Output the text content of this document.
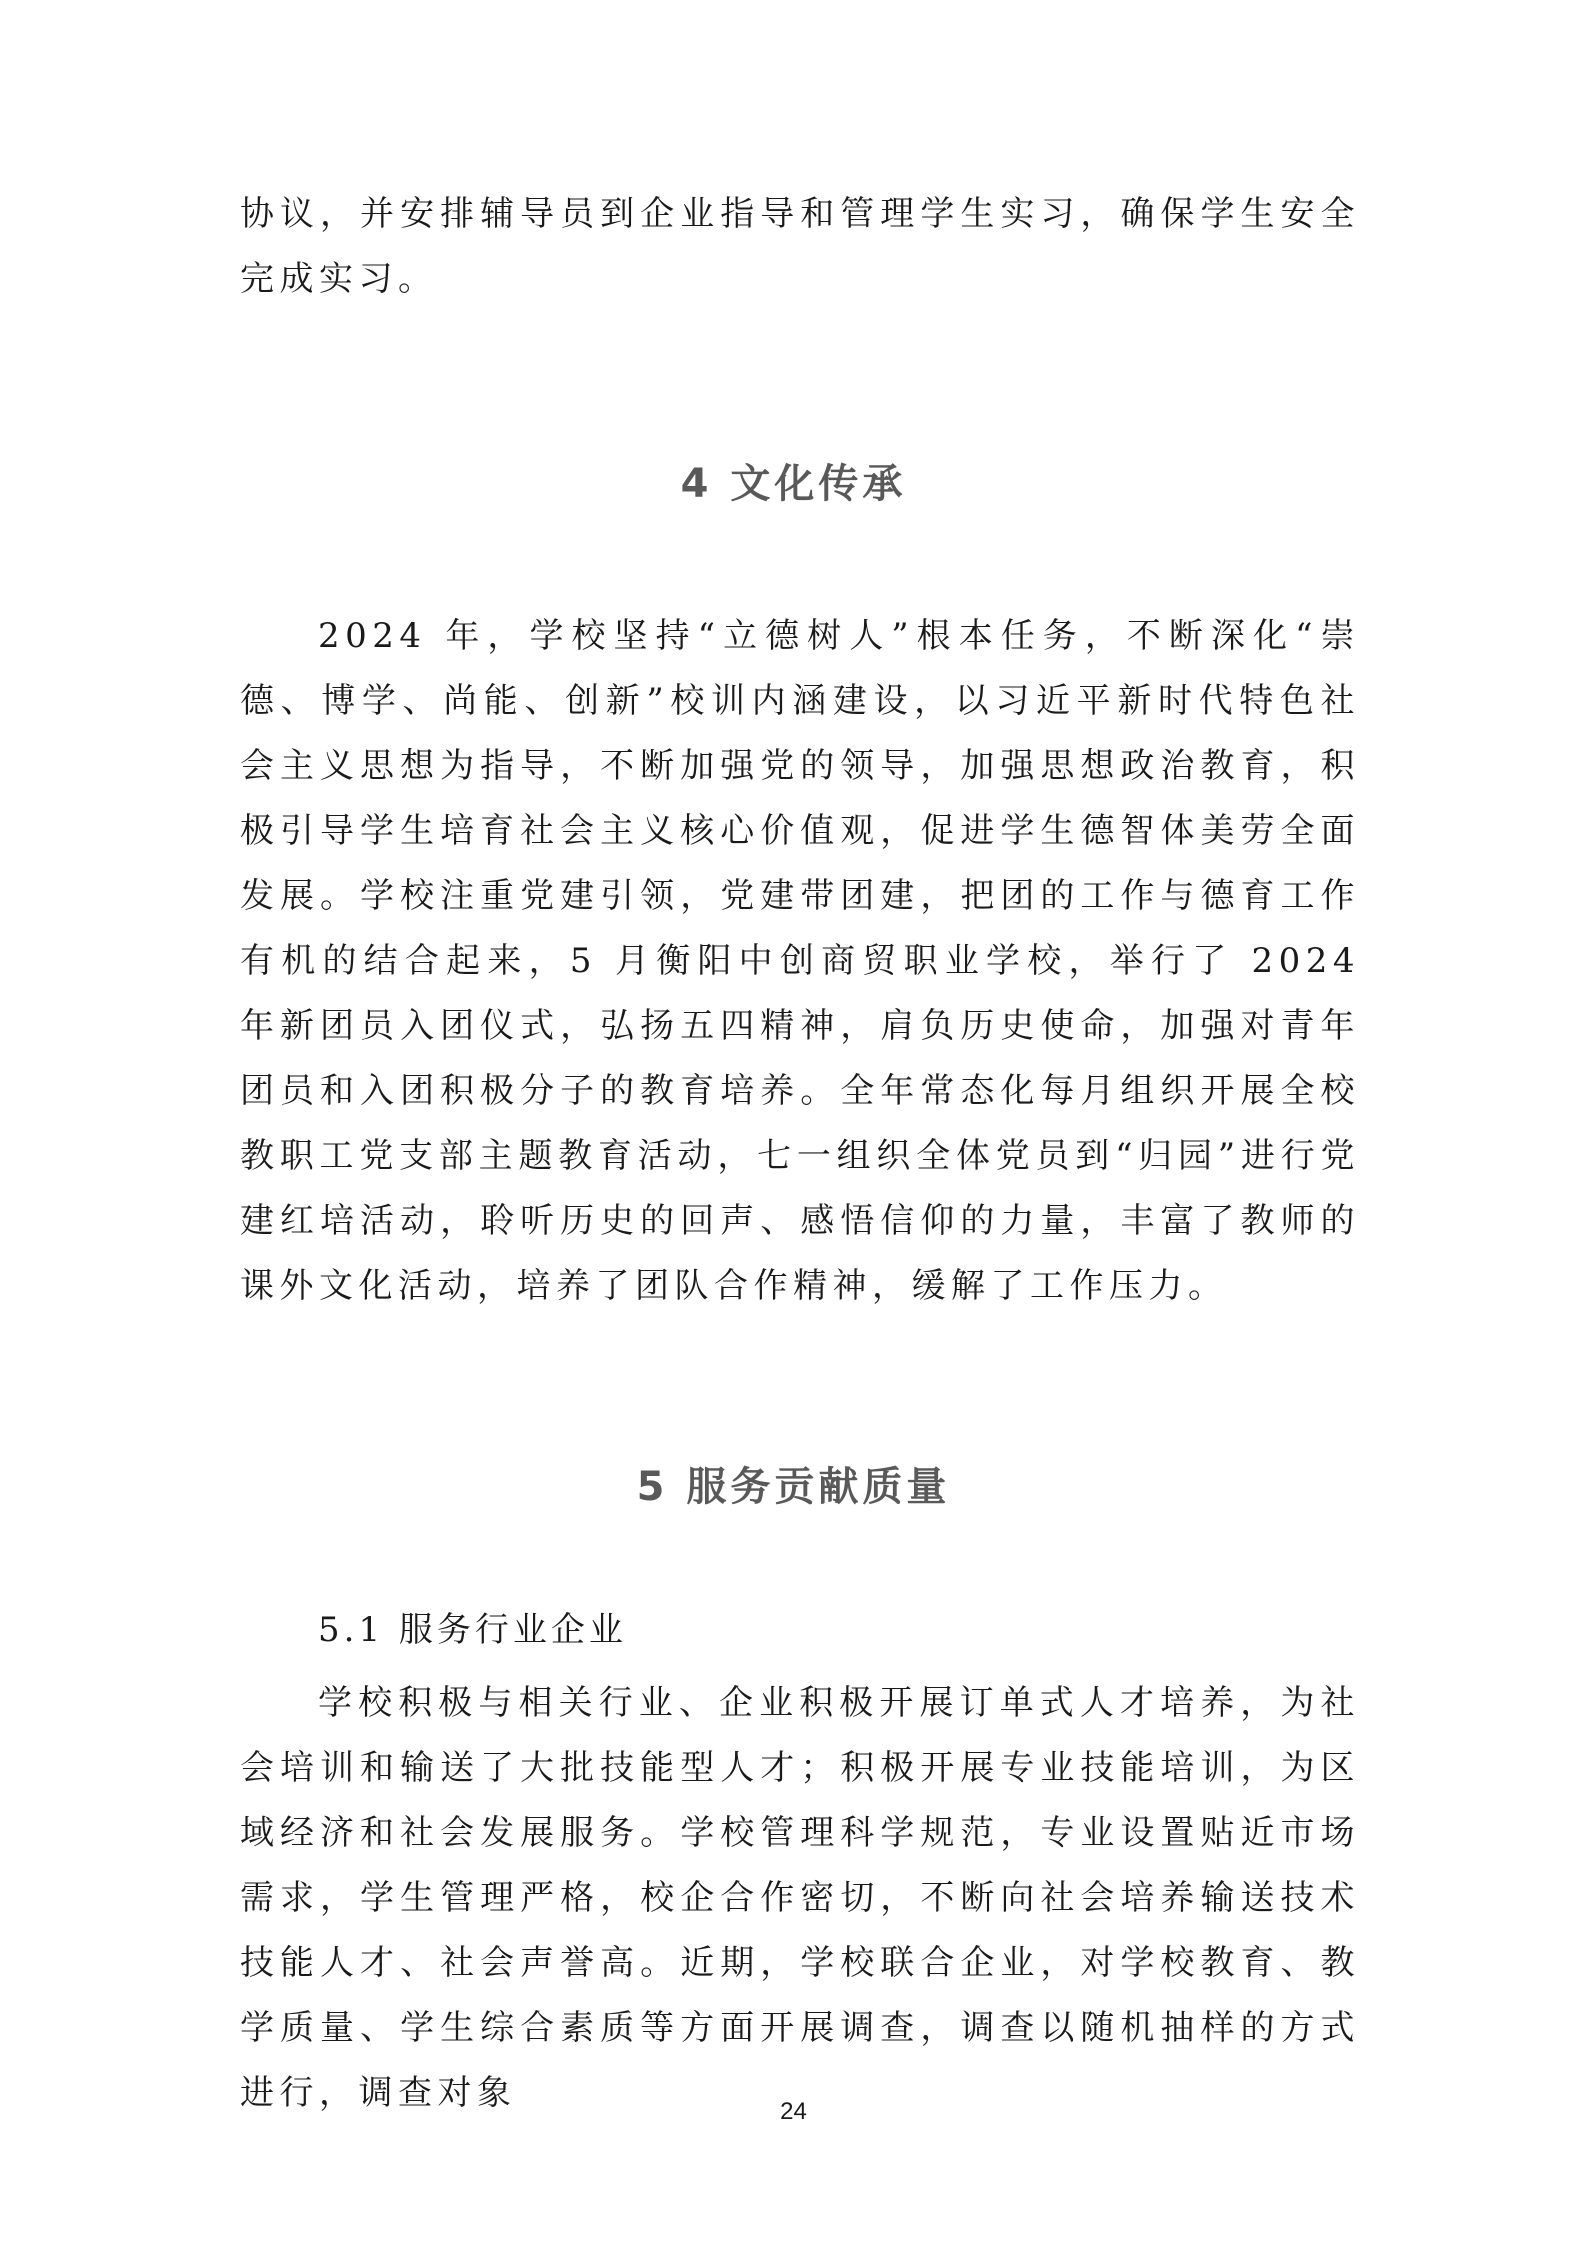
协议，并安排辅导员到企业指导和管理学生实习，确保学生安全完成实习。

4 文化传承

2024 年，学校坚持“立德树人”根本任务，不断深化“崇德、博学、尚能、创新”校训内涵建设，以习近平新时代特色社会主义思想为指导，不断加强党的领导，加强思想政治教育，积极引导学生培育社会主义核心价值观，促进学生德智体美劳全面发展。学校注重党建引领，党建带团建，把团的工作与德育工作有机的结合起来，5 月衡阳中创商贸职业学校，举行了 2024 年新团员入团仪式，弘扬五四精神，肩负历史使命，加强对青年团员和入团积极分子的教育培养。全年常态化每月组织开展全校教职工党支部主题教育活动，七一组织全体党员到“归园”进行党建红培活动，聆听历史的回声、感悟信仰的力量，丰富了教师的课外文化活动，培养了团队合作精神，缓解了工作压力。

5 服务贡献质量

5.1 服务行业企业

学校积极与相关行业、企业积极开展订单式人才培养，为社会培训和输送了大批技能型人才；积极开展专业技能培训，为区域经济和社会发展服务。学校管理科学规范，专业设置贴近市场需求，学生管理严格，校企合作密切，不断向社会培养输送技术技能人才、社会声誉高。近期，学校联合企业，对学校教育、教学质量、学生综合素质等方面开展调查，调查以随机抽样的方式进行，调查对象	24
